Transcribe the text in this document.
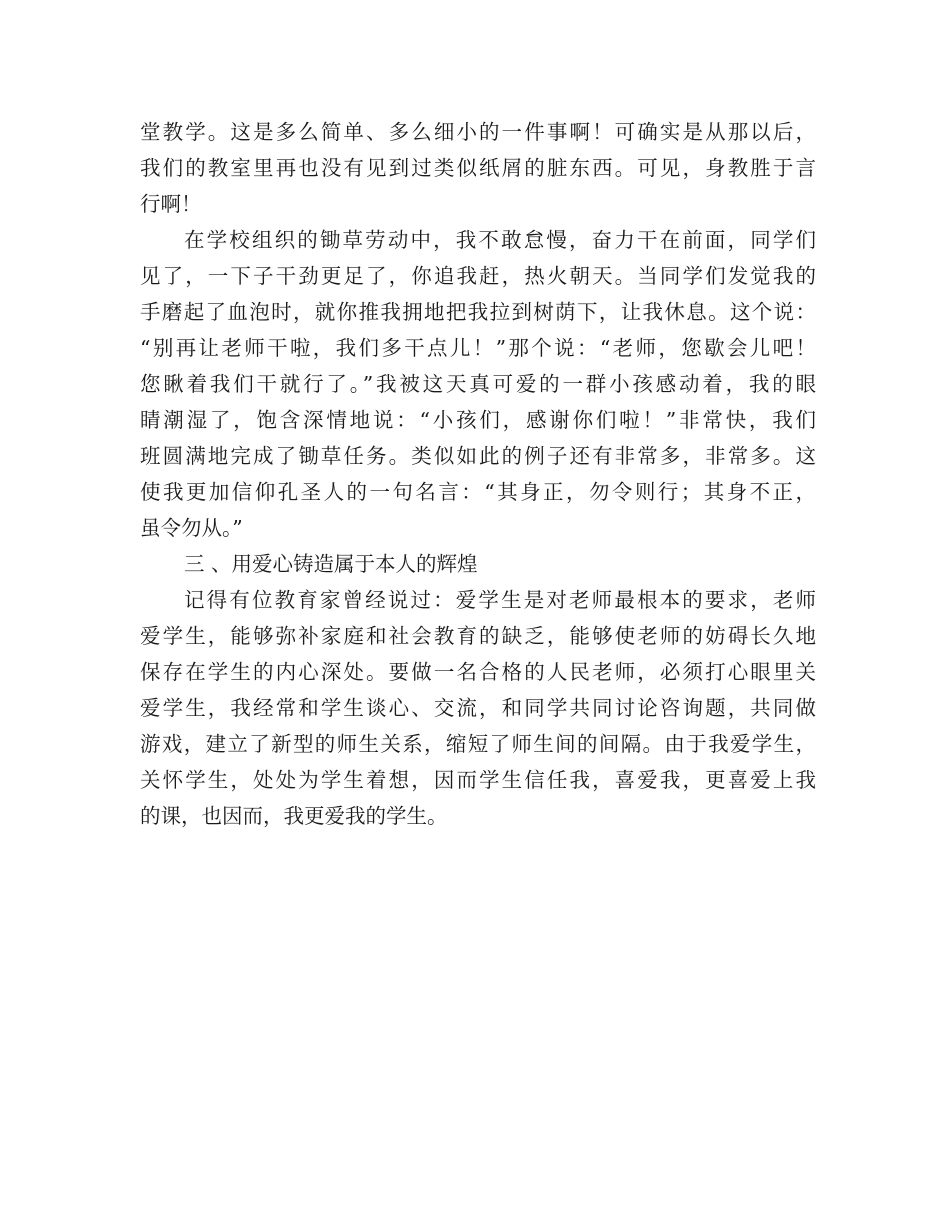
堂教学。这是多么简单、多么细小的一件事啊！可确实是从那以后，
我们的教室里再也没有见到过类似纸屑的脏东西。可见，身教胜于言
行啊！
在学校组织的锄草劳动中，我不敢怠慢，奋力干在前面，同学们
见了，一下子干劲更足了，你追我赶，热火朝天。当同学们发觉我的
手磨起了血泡时，就你推我拥地把我拉到树荫下，让我休息。这个说：
“别再让老师干啦，我们多干点儿！”那个说：“老师，您歇会儿吧！
您瞅着我们干就行了。”我被这天真可爱的一群小孩感动着，我的眼
睛潮湿了，饱含深情地说：“小孩们，感谢你们啦！”非常快，我们
班圆满地完成了锄草任务。类似如此的例子还有非常多，非常多。这
使我更加信仰孔圣人的一句名言：“其身正，勿令则行；其身不正，
虽令勿从。”
三 、用爱心铸造属于本人的辉煌
记得有位教育家曾经说过：爱学生是对老师最根本的要求，老师
爱学生，能够弥补家庭和社会教育的缺乏，能够使老师的妨碍长久地
保存在学生的内心深处。要做一名合格的人民老师，必须打心眼里关
爱学生，我经常和学生谈心、交流，和同学共同讨论咨询题，共同做
游戏，建立了新型的师生关系，缩短了师生间的间隔。由于我爱学生，
关怀学生，处处为学生着想，因而学生信任我，喜爱我，更喜爱上我
的课，也因而，我更爱我的学生。
